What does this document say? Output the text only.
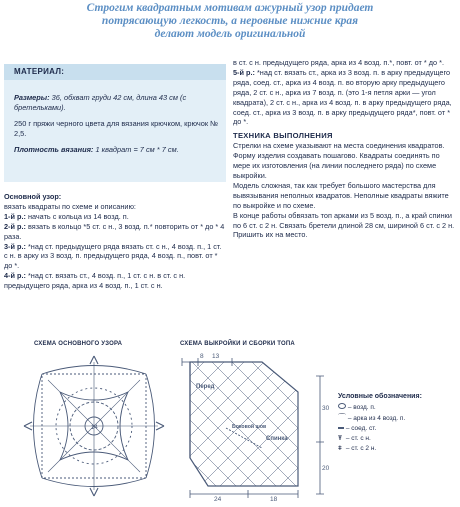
Строгим квадратным мотивам ажурный узор придает
потрясающую легкость, а неровные нижние края
делают модель оригинальной
МАТЕРИАЛ:
Размеры: 36, обхват груди 42 см, длина 43 см (с бретельками).
250 г пряжи черного цвета для вязания крючком, крючок № 2,5.
Плотность вязания: 1 квадрат = 7 см * 7 см.

Основной узор:

вязать квадраты по схеме и описанию:

1-й р.: начать с кольца из 14 возд. п.

2-й р.: вязать в кольцо *5 ст. с н., 3 возд. п.* повторить от * до * 4 раза.

3-й р.: *над ст. предыдущего ряда вязать ст. с н., 4 возд. п., 1 ст. с н. в арку из 3 возд. п. предыдущего ряда, 4 возд. п., повт. от * до *.

4-й р.: *над ст. вязать ст., 4 возд. п., 1 ст. с н. в ст. с н. предыдущего ряда, арка из 4 возд. п., 1 ст. с н.

в ст. с н. предыдущего ряда, арка из 4 возд. п.*, повт. от * до *.

5-й р.: *над ст. вязать ст., арка из 3 возд. п. в арку предыдущего ряда, соед. ст., арка из 4 возд. п. во вторую арку предыдущего ряда, 2 ст. с н., арка из 7 возд. п. (это 1-я петля арки — угол квадрата), 2 ст. с н., арка из 4 возд. п. в арку предыдущего ряда, соед. ст., арка из 3 возд. п. в арку предыдущего ряда*, повт. от * до *.

ТЕХНИКА ВЫПОЛНЕНИЯ

Стрелки на схеме указывают на места соединения квадратов. Форму изделия создавать пошагово. Квадраты соединять по мере их изготовления (на линии последнего ряда) по схеме выкройки.

Модель сложная, так как требует большого мастерства для вывязывания неполных квадратов. Неполные квадраты вяжите по выкройке и по схеме.

В конце работы обвязать топ арками из 5 возд. п., а край спинки по 6 ст. с 2 н. Связать бретели длиной 28 см, шириной 6 ст. с 2 н. Пришить их на место.

СХЕМА ОСНОВНОГО УЗОРА	СХЕМА ВЫКРОЙКИ И СБОРКИ ТОПА
14
8 13
30
20
24	18
Перед
Боковой шов
Спинка
Условные обозначения:
– возд. п.
⌒ – арка из 4 возд. п.
– соед. ст.
Ŧ – ст. с н.
ǂ – ст. с 2 н.
